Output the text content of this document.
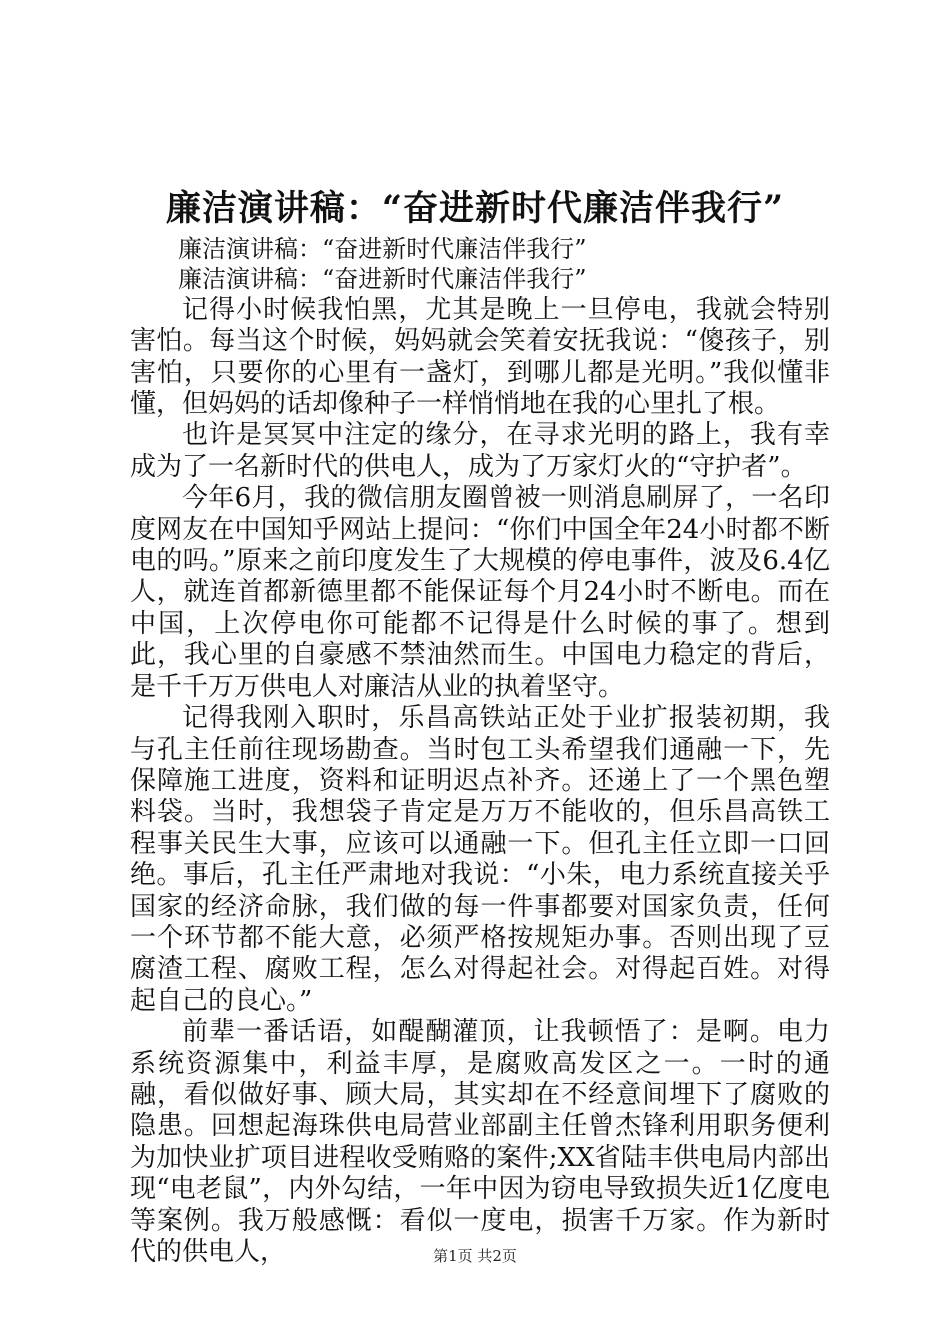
廉洁演讲稿：“奋进新时代廉洁伴我行”

廉洁演讲稿：“奋进新时代廉洁伴我行”

廉洁演讲稿：“奋进新时代廉洁伴我行”

记得小时候我怕黑，尤其是晚上一旦停电，我就会特别害怕。每当这个时候，妈妈就会笑着安抚我说：“傻孩子，别害怕，只要你的心里有一盏灯，到哪儿都是光明。”我似懂非懂，但妈妈的话却像种子一样悄悄地在我的心里扎了根。

也许是冥冥中注定的缘分，在寻求光明的路上，我有幸成为了一名新时代的供电人，成为了万家灯火的“守护者”。

今年6月，我的微信朋友圈曾被一则消息刷屏了，一名印度网友在中国知乎网站上提问：“你们中国全年24小时都不断电的吗。”原来之前印度发生了大规模的停电事件，波及6.4亿人，就连首都新德里都不能保证每个月24小时不断电。而在中国，上次停电你可能都不记得是什么时候的事了。想到此，我心里的自豪感不禁油然而生。中国电力稳定的背后，是千千万万供电人对廉洁从业的执着坚守。

记得我刚入职时，乐昌高铁站正处于业扩报装初期，我与孔主任前往现场勘查。当时包工头希望我们通融一下，先保障施工进度，资料和证明迟点补齐。还递上了一个黑色塑料袋。当时，我想袋子肯定是万万不能收的，但乐昌高铁工程事关民生大事，应该可以通融一下。但孔主任立即一口回绝。事后，孔主任严肃地对我说：“小朱，电力系统直接关乎国家的经济命脉，我们做的每一件事都要对国家负责，任何一个环节都不能大意，必须严格按规矩办事。否则出现了豆腐渣工程、腐败工程，怎么对得起社会。对得起百姓。对得起自己的良心。”

前辈一番话语，如醍醐灌顶，让我顿悟了：是啊。电力系统资源集中，利益丰厚，是腐败高发区之一。一时的通融，看似做好事、顾大局，其实却在不经意间埋下了腐败的隐患。回想起海珠供电局营业部副主任曾杰锋利用职务便利为加快业扩项目进程收受贿赂的案件;XX省陆丰供电局内部出现“电老鼠”，内外勾结，一年中因为窃电导致损失近1亿度电等案例。我万般感慨：看似一度电，损害千万家。作为新时代的供电人，	第1页 共2页
